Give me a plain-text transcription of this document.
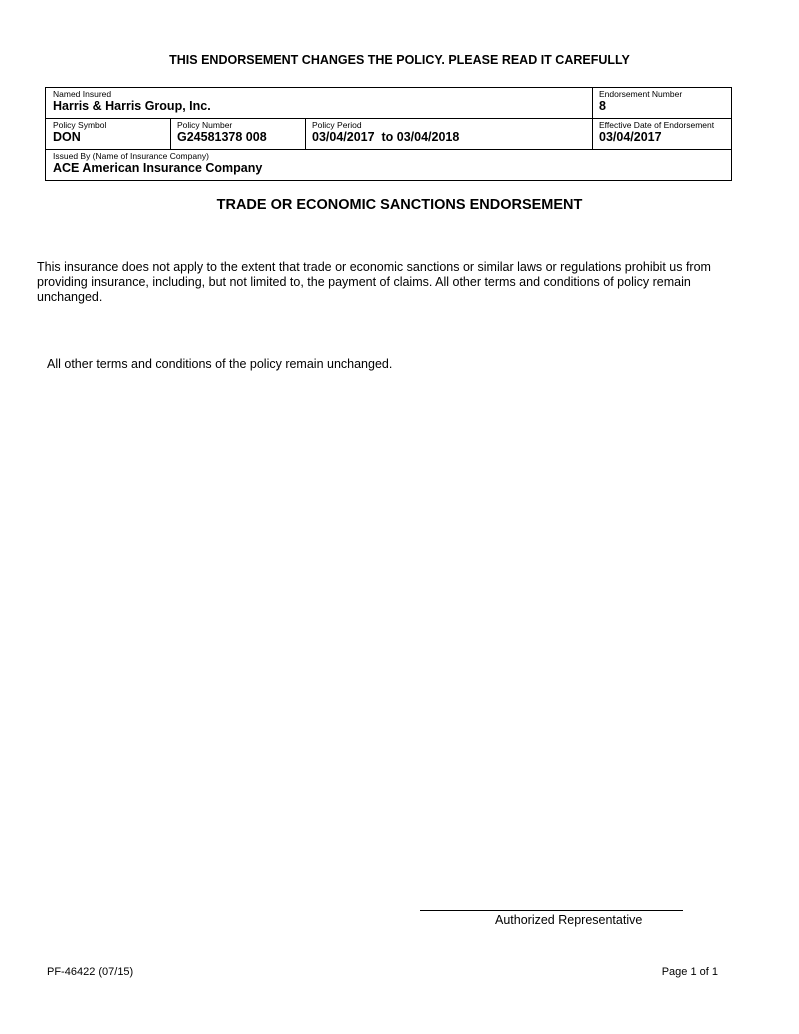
THIS ENDORSEMENT CHANGES THE POLICY. PLEASE READ IT CAREFULLY
Named Insured
Harris & Harris Group, Inc.
Endorsement Number
8
Policy Symbol
DON
Policy Number
G24581378 008
Policy Period
03/04/2017  to 03/04/2018
Effective Date of Endorsement
03/04/2017
Issued By (Name of Insurance Company)
ACE American Insurance Company
TRADE OR ECONOMIC SANCTIONS ENDORSEMENT
This insurance does not apply to the extent that trade or economic sanctions or similar laws or regulations prohibit us from providing insurance, including, but not limited to, the payment of claims. All other terms and conditions of policy remain unchanged.
All other terms and conditions of the policy remain unchanged.
Authorized Representative
PF-46422 (07/15)	Page 1 of 1
